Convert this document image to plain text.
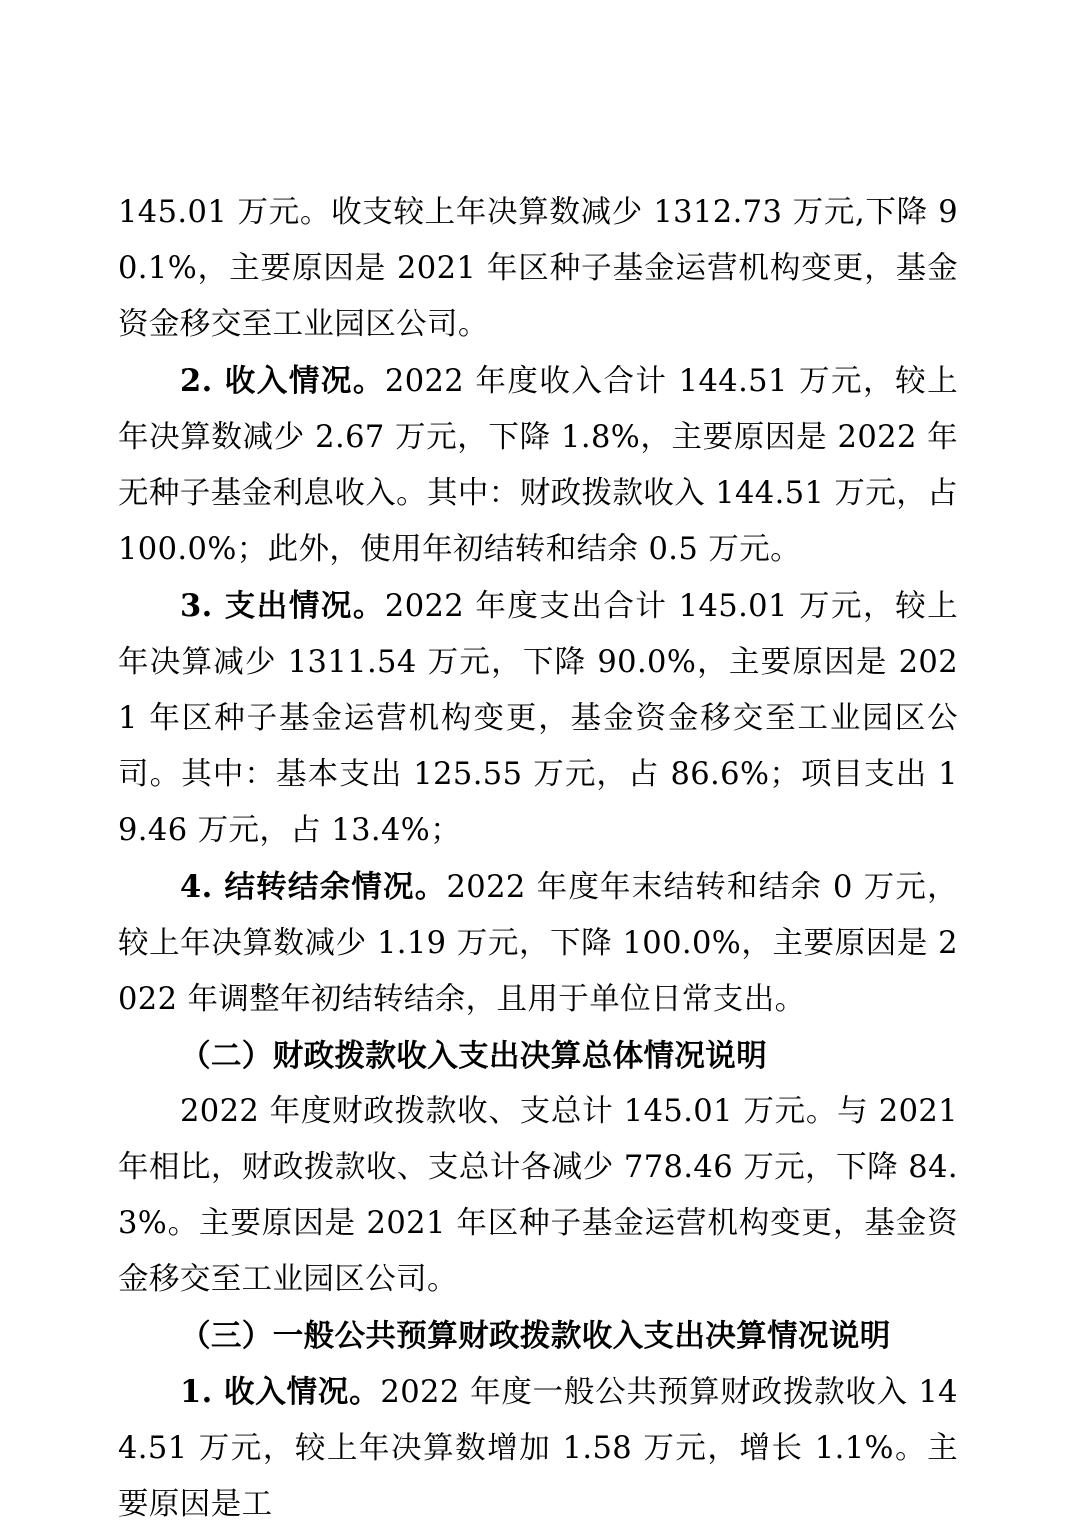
145.01 万元。收支较上年决算数减少 1312.73 万元,下降 90.1%，主要原因是 2021 年区种子基金运营机构变更，基金资金移交至工业园区公司。

2. 收入情况。2022 年度收入合计 144.51 万元，较上年决算数减少 2.67 万元，下降 1.8%，主要原因是 2022 年无种子基金利息收入。其中：财政拨款收入 144.51 万元，占 100.0%；此外，使用年初结转和结余 0.5 万元。

3. 支出情况。2022 年度支出合计 145.01 万元，较上年决算减少 1311.54 万元，下降 90.0%，主要原因是 2021 年区种子基金运营机构变更，基金资金移交至工业园区公司。其中：基本支出 125.55 万元，占 86.6%；项目支出 19.46 万元，占 13.4%；

4. 结转结余情况。2022 年度年末结转和结余 0 万元，较上年决算数减少 1.19 万元，下降 100.0%，主要原因是 2022 年调整年初结转结余，且用于单位日常支出。

（二）财政拨款收入支出决算总体情况说明

2022 年度财政拨款收、支总计 145.01 万元。与 2021 年相比，财政拨款收、支总计各减少 778.46 万元，下降 84.3%。主要原因是 2021 年区种子基金运营机构变更，基金资金移交至工业园区公司。

（三）一般公共预算财政拨款收入支出决算情况说明

1. 收入情况。2022 年度一般公共预算财政拨款收入 144.51 万元，较上年决算数增加 1.58 万元，增长 1.1%。主要原因是工
